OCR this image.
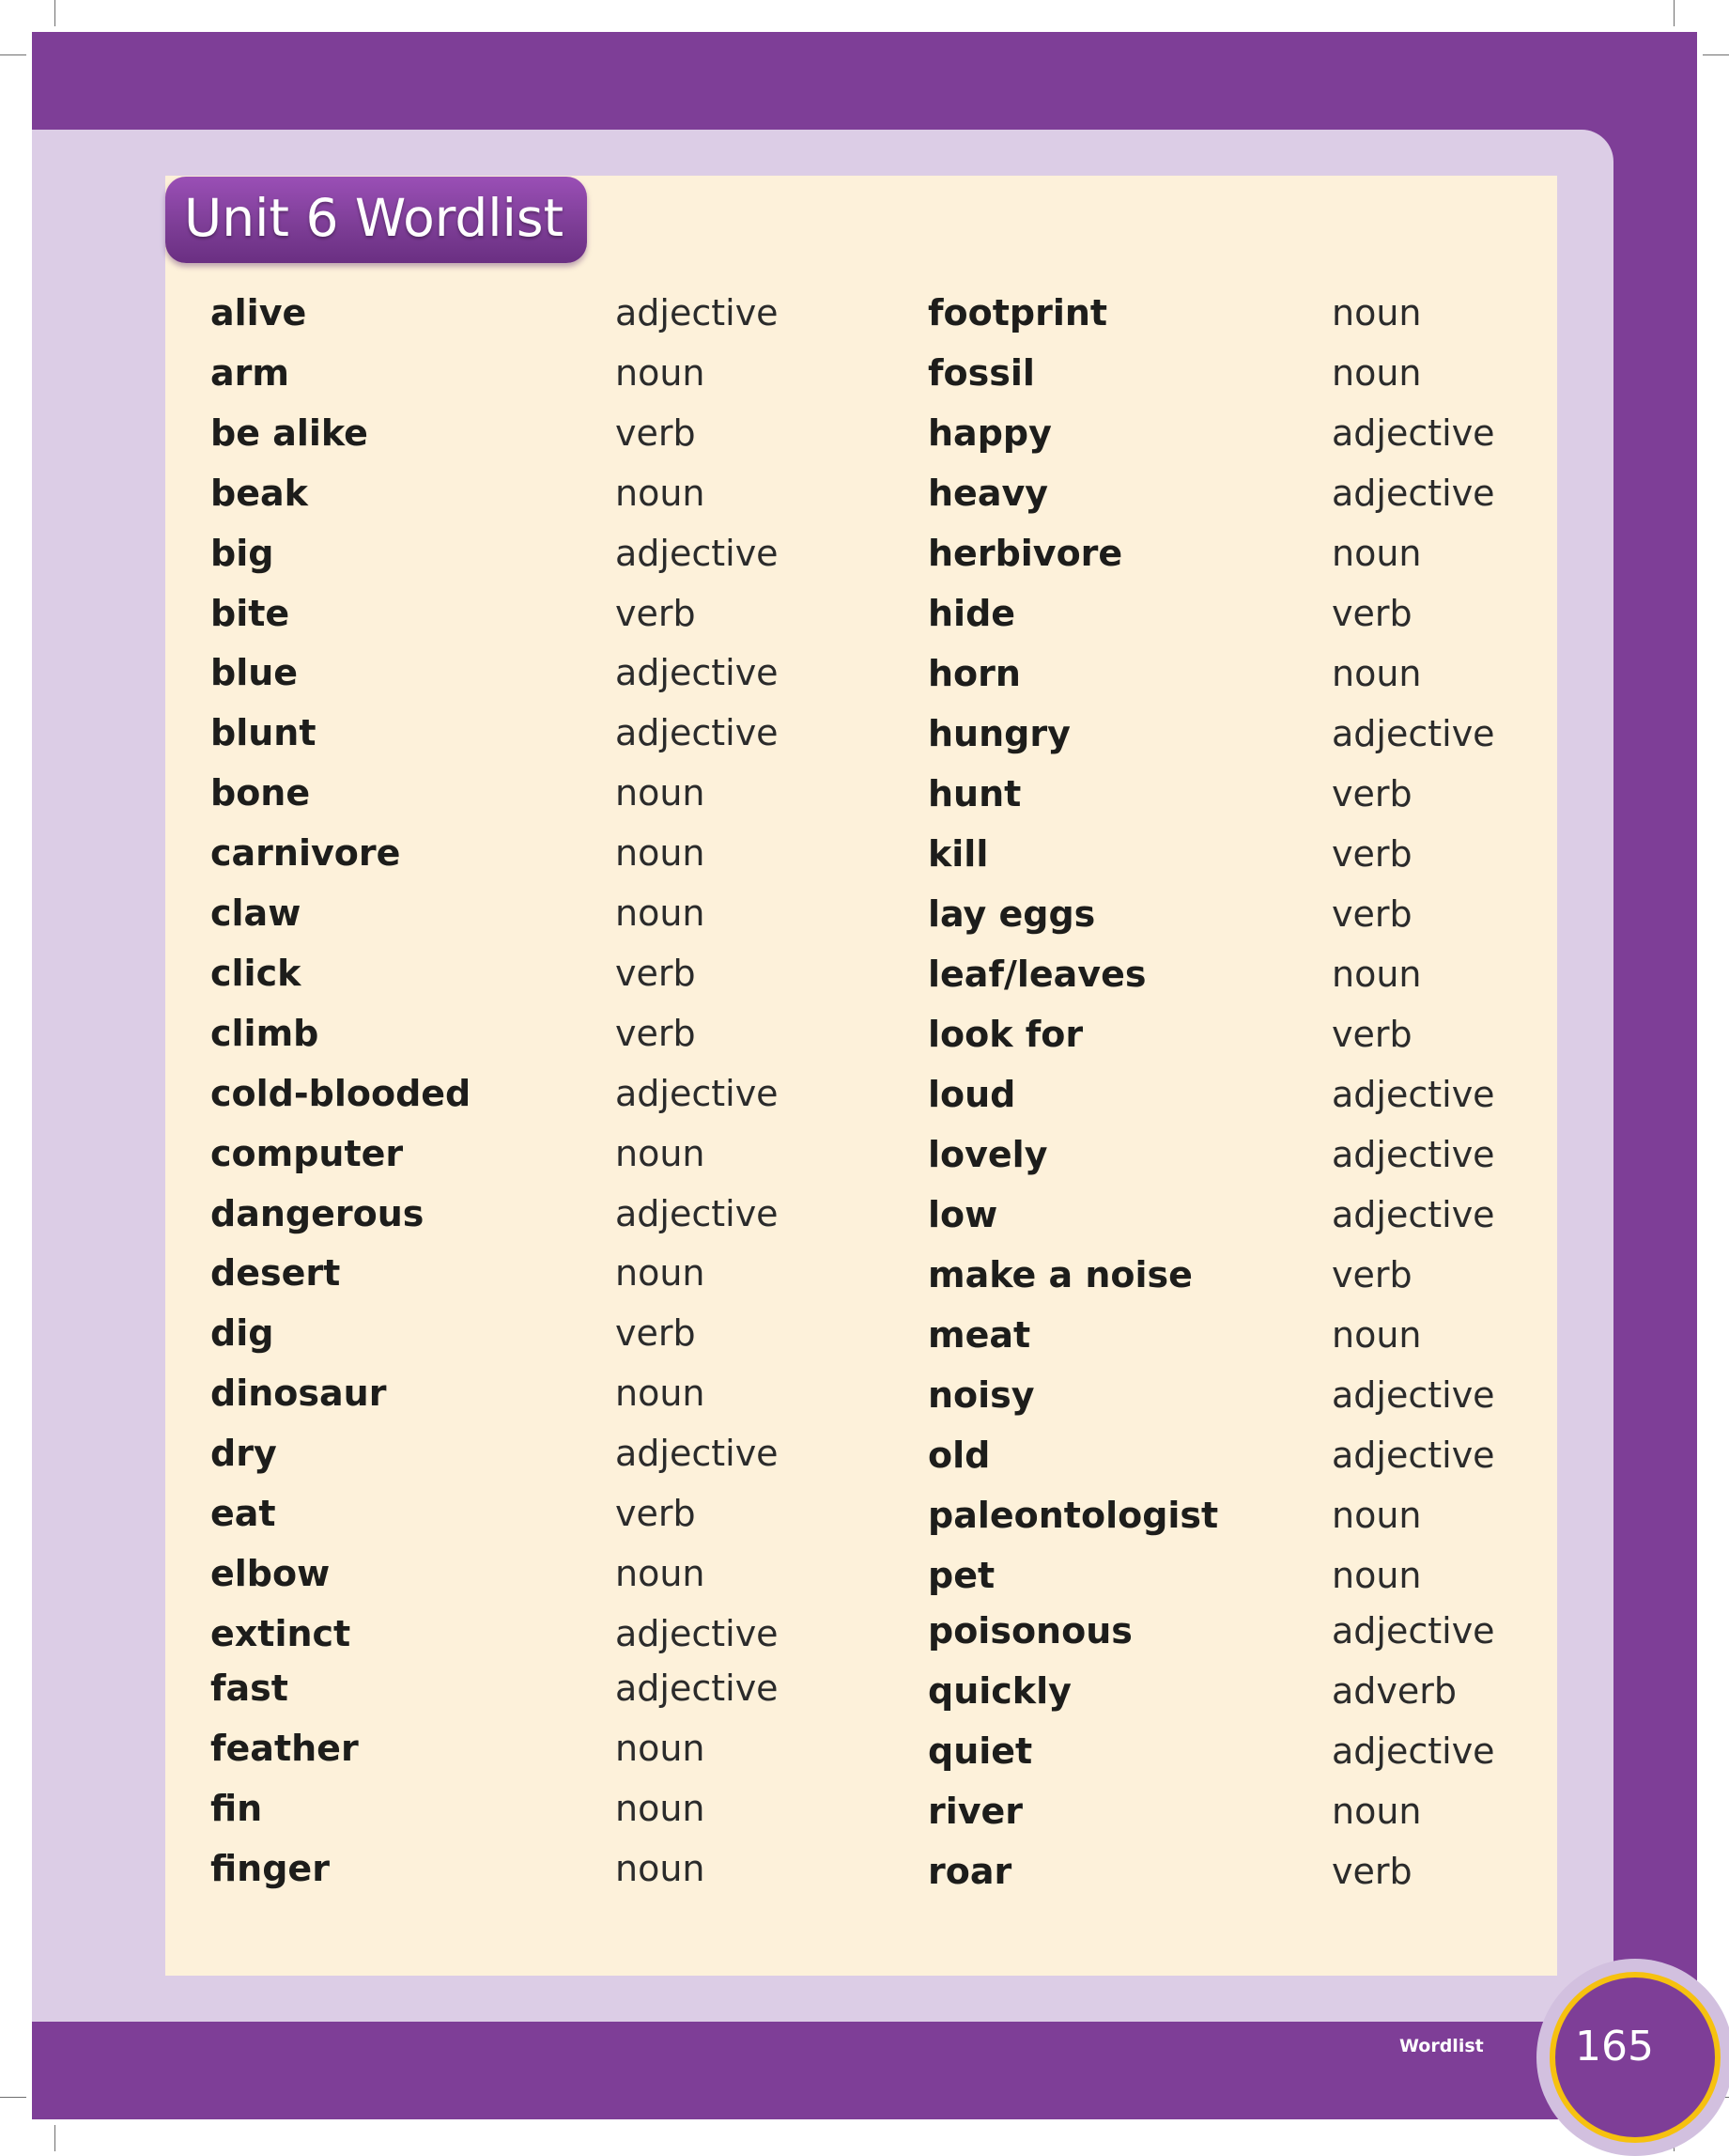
Unit 6 Wordlist
alive	adjective
arm	noun
be alike	verb
beak	noun
big	adjective
bite	verb
blue	adjective
blunt	adjective
bone	noun
carnivore	noun
claw	noun
click	verb
climb	verb
cold-blooded	adjective
computer	noun
dangerous	adjective
desert	noun
dig	verb
dinosaur	noun
dry	adjective
eat	verb
elbow	noun
extinct	adjective
fast	adjective
feather	noun
fin	noun
finger	noun
footprint	noun
fossil	noun
happy	adjective
heavy	adjective
herbivore	noun
hide	verb
horn	noun
hungry	adjective
hunt	verb
kill	verb
lay eggs	verb
leaf/leaves	noun
look for	verb
loud	adjective
lovely	adjective
low	adjective
make a noise	verb
meat	noun
noisy	adjective
old	adjective
paleontologist	noun
pet	noun
poisonous	adjective
quickly	adverb
quiet	adjective
river	noun
roar	verb
Wordlist 165
